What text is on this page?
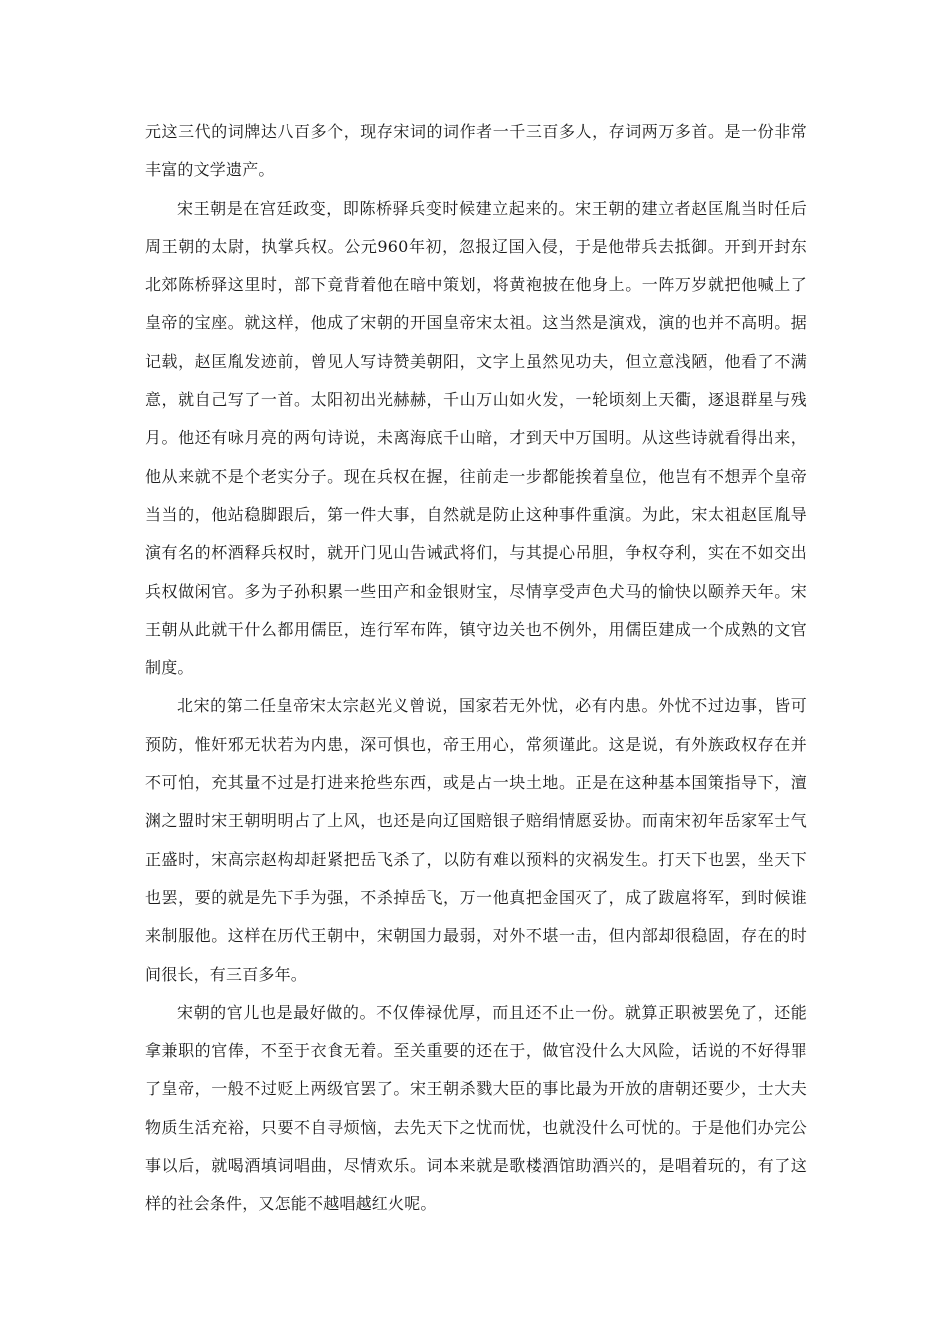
元这三代的词牌达八百多个，现存宋词的词作者一千三百多人，存词两万多首。是一份非常丰富的文学遗产。

宋王朝是在宫廷政变，即陈桥驿兵变时候建立起来的。宋王朝的建立者赵匡胤当时任后周王朝的太尉，执掌兵权。公元960年初，忽报辽国入侵，于是他带兵去抵御。开到开封东北郊陈桥驿这里时，部下竟背着他在暗中策划，将黄袍披在他身上。一阵万岁就把他喊上了皇帝的宝座。就这样，他成了宋朝的开国皇帝宋太祖。这当然是演戏，演的也并不高明。据记载，赵匡胤发迹前，曾见人写诗赞美朝阳，文字上虽然见功夫，但立意浅陋，他看了不满意，就自己写了一首。太阳初出光赫赫，千山万山如火发，一轮顷刻上天衢，逐退群星与残月。他还有咏月亮的两句诗说，未离海底千山暗，才到天中万国明。从这些诗就看得出来，他从来就不是个老实分子。现在兵权在握，往前走一步都能挨着皇位，他岂有不想弄个皇帝当当的，他站稳脚跟后，第一件大事，自然就是防止这种事件重演。为此，宋太祖赵匡胤导演有名的杯酒释兵权时，就开门见山告诫武将们，与其提心吊胆，争权夺利，实在不如交出兵权做闲官。多为子孙积累一些田产和金银财宝，尽情享受声色犬马的愉快以颐养天年。宋王朝从此就干什么都用儒臣，连行军布阵，镇守边关也不例外，用儒臣建成一个成熟的文官制度。

北宋的第二任皇帝宋太宗赵光义曾说，国家若无外忧，必有内患。外忧不过边事，皆可预防，惟奸邪无状若为内患，深可惧也，帝王用心，常须谨此。这是说，有外族政权存在并不可怕，充其量不过是打进来抢些东西，或是占一块土地。正是在这种基本国策指导下，澶渊之盟时宋王朝明明占了上风，也还是向辽国赔银子赔绢情愿妥协。而南宋初年岳家军士气正盛时，宋高宗赵构却赶紧把岳飞杀了，以防有难以预料的灾祸发生。打天下也罢，坐天下也罢，要的就是先下手为强，不杀掉岳飞，万一他真把金国灭了，成了跋扈将军，到时候谁来制服他。这样在历代王朝中，宋朝国力最弱，对外不堪一击，但内部却很稳固，存在的时间很长，有三百多年。

宋朝的官儿也是最好做的。不仅俸禄优厚，而且还不止一份。就算正职被罢免了，还能拿兼职的官俸，不至于衣食无着。至关重要的还在于，做官没什么大风险，话说的不好得罪了皇帝，一般不过贬上两级官罢了。宋王朝杀戮大臣的事比最为开放的唐朝还要少，士大夫物质生活充裕，只要不自寻烦恼，去先天下之忧而忧，也就没什么可忧的。于是他们办完公事以后，就喝酒填词唱曲，尽情欢乐。词本来就是歌楼酒馆助酒兴的，是唱着玩的，有了这样的社会条件，又怎能不越唱越红火呢。
